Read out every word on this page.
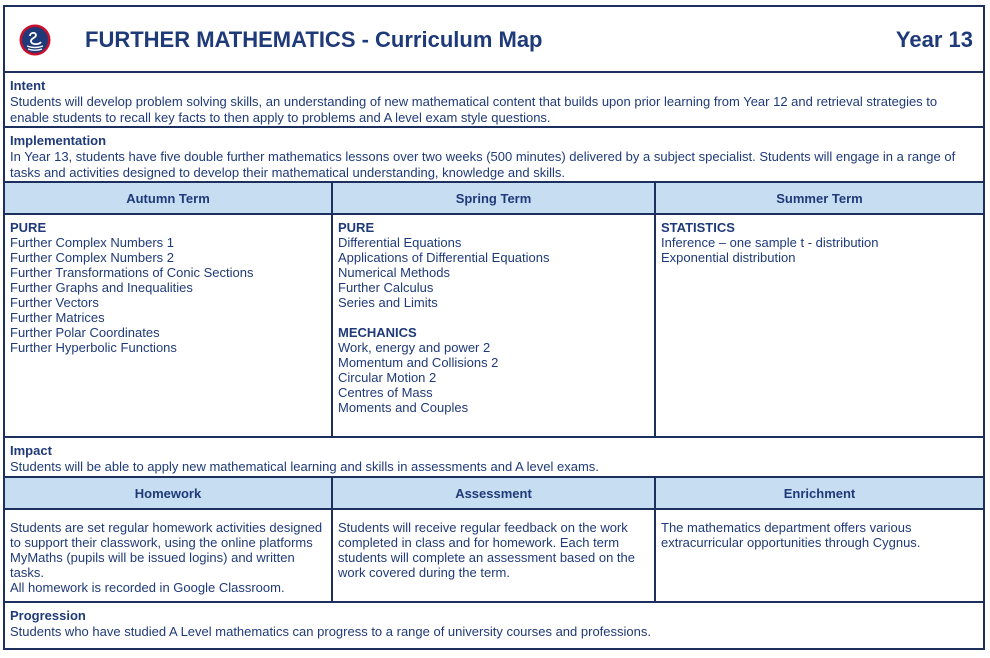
FURTHER MATHEMATICS - Curriculum Map	Year 13
Intent
Students will develop problem solving skills, an understanding of new mathematical content that builds upon prior learning from Year 12 and retrieval strategies to enable students to recall key facts to then apply to problems and A level exam style questions.
Implementation
In Year 13, students have five double further mathematics lessons over two weeks (500 minutes) delivered by a subject specialist. Students will engage in a range of tasks and activities designed to develop their mathematical understanding, knowledge and skills.
Autumn Term
PURE
Further Complex Numbers 1
Further Complex Numbers 2
Further Transformations of Conic Sections
Further Graphs and Inequalities
Further Vectors
Further Matrices
Further Polar Coordinates
Further Hyperbolic Functions
Spring Term
PURE
Differential Equations
Applications of Differential Equations
Numerical Methods
Further Calculus
Series and Limits
MECHANICS
Work, energy and power 2
Momentum and Collisions 2
Circular Motion 2
Centres of Mass
Moments and Couples
Summer Term
STATISTICS
Inference – one sample t - distribution
Exponential distribution
Impact
Students will be able to apply new mathematical learning and skills in assessments and A level exams.
Homework
Students are set regular homework activities designed to support their classwork, using the online platforms MyMaths (pupils will be issued logins) and written tasks.
All homework is recorded in Google Classroom.
Assessment
Students will receive regular feedback on the work completed in class and for homework. Each term students will complete an assessment based on the work covered during the term.
Enrichment
The mathematics department offers various extracurricular opportunities through Cygnus.
Progression
Students who have studied A Level mathematics can progress to a range of university courses and professions.
